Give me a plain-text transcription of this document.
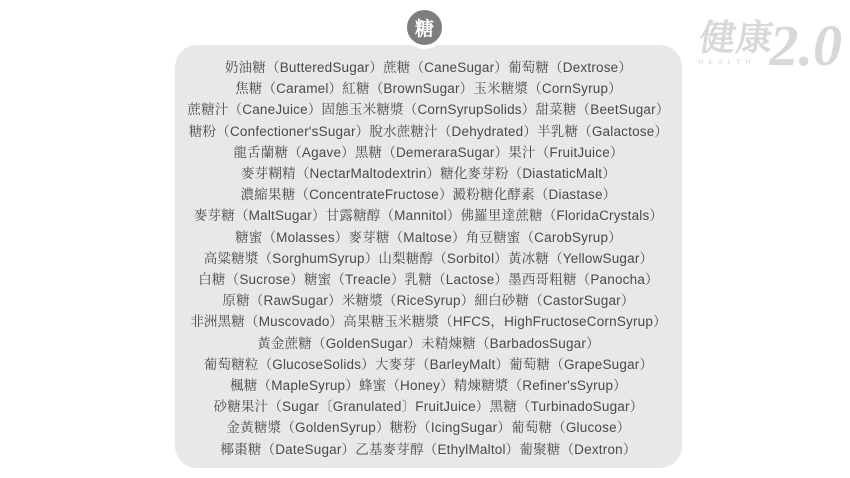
奶油糖（ButteredSugar）蔗糖（CaneSugar）葡萄糖（Dextrose）
焦糖（Caramel）紅糖（BrownSugar）玉米糖漿（CornSyrup）
蔗糖汁（CaneJuice）固態玉米糖漿（CornSyrupSolids）甜菜糖（BeetSugar）
糖粉（Confectioner'sSugar）脫水蔗糖汁（Dehydrated）半乳糖（Galactose）
龍舌蘭糖（Agave）黑糖（DemeraraSugar）果汁（FruitJuice）
麥芽糊精（NectarMaltodextrin）糖化麥芽粉（DiastaticMalt）
濃縮果糖（ConcentrateFructose）澱粉糖化酵素（Diastase）
麥芽糖（MaltSugar）甘露糖醇（Mannitol）佛羅里達蔗糖（FloridaCrystals）
糖蜜（Molasses）麥芽糖（Maltose）角豆糖蜜（CarobSyrup）
高粱糖漿（SorghumSyrup）山梨糖醇（Sorbitol）黃冰糖（YellowSugar）
白糖（Sucrose）糖蜜（Treacle）乳糖（Lactose）墨西哥粗糖（Panocha）
原糖（RawSugar）米糖漿（RiceSyrup）細白砂糖（CastorSugar）
非洲黑糖（Muscovado）高果糖玉米糖漿（HFCS，HighFructoseCornSyrup）
黃金蔗糖（GoldenSugar）未精煉糖（BarbadosSugar）
葡萄糖粒（GlucoseSolids）大麥芽（BarleyMalt）葡萄糖（GrapeSugar）
楓糖（MapleSyrup）蜂蜜（Honey）精煉糖漿（Refiner'sSyrup）
砂糖果汁（Sugar〔Granulated〕FruitJuice）黑糖（TurbinadoSugar）
金黃糖漿（GoldenSyrup）糖粉（IcingSugar）葡萄糖（Glucose）
椰棗糖（DateSugar）乙基麥芽醇（EthylMaltol）葡聚糖（Dextron）
糖	健康
HEALTH 2.0
